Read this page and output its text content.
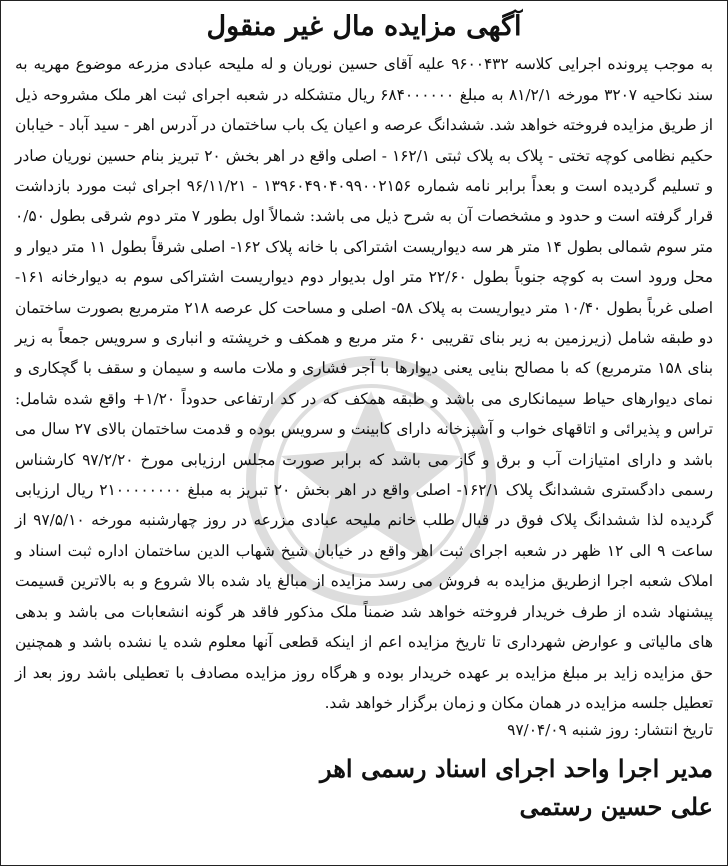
آگهی مزایده مال غیر منقول

به موجب پرونده اجرایی کلاسه ۹۶۰۰۴۳۲ علیه آقای حسین نوریان و له ملیحه عبادی مزرعه موضوع مهریه به سند نکاحیه ۳۲۰۷ مورخه ۸۱/۲/۱ به مبلغ ۶۸۴۰۰۰۰۰۰ ریال متشکله در شعبه اجرای ثبت اهر ملک مشروحه ذیل از طریق مزایده فروخته خواهد شد. ششدانگ عرصه و اعیان یک باب ساختمان در آدرس اهر - سید آباد - خیابان حکیم نظامی کوچه تختی - پلاک به پلاک ثبتی ۱۶۲/۱ - اصلی واقع در اهر بخش ۲۰ تبریز بنام حسین نوریان صادر و تسلیم گردیده است و بعداً برابر نامه شماره ۱۳۹۶۰۴۹۰۴۰۹۹۰۰۲۱۵۶ - ۹۶/۱۱/۲۱ اجرای ثبت مورد بازداشت قرار گرفته است و حدود و مشخصات آن به شرح ذیل می باشد: شمالاً اول بطور ۷ متر دوم شرقی بطول ۰/۵۰ متر سوم شمالی بطول ۱۴ متر هر سه دیواریست اشتراکی با خانه پلاک ۱۶۲- اصلی شرقاً بطول ۱۱ متر دیوار و محل ورود است به کوچه جنوباً بطول ۲۲/۶۰ متر اول بدیوار دوم دیواریست اشتراکی سوم به دیوارخانه ۱۶۱- اصلی غرباً بطول ۱۰/۴۰ متر دیواریست به پلاک ۵۸- اصلی و مساحت کل عرصه ۲۱۸ مترمربع بصورت ساختمان دو طبقه شامل (زیرزمین به زیر بنای تقریبی ۶۰ متر مربع و همکف و خرپشته و انباری و سرویس جمعاً به زیر بنای ۱۵۸ مترمربع) که با مصالح بنایی یعنی دیوارها با آجر فشاری و ملات ماسه و سیمان و سقف با گچکاری و نمای دیوارهای حیاط سیمانکاری می باشد و طبقه همکف که در کد ارتفاعی حدوداً ۱/۲۰+ واقع شده شامل: تراس و پذیرائی و اتاقهای خواب و آشپزخانه دارای کابینت و سرویس بوده و قدمت ساختمان بالای ۲۷ سال می باشد و دارای امتیازات آب و برق و گاز می باشد که برابر صورت مجلس ارزیابی مورخ ۹۷/۲/۲۰ کارشناس رسمی دادگستری ششدانگ پلاک ۱۶۲/۱- اصلی واقع در اهر بخش ۲۰ تبریز به مبلغ ۲۱۰۰۰۰۰۰۰۰ ریال ارزیابی گردیده لذا ششدانگ پلاک فوق در قبال طلب خانم ملیحه عبادی مزرعه در روز چهارشنبه مورخه ۹۷/۵/۱۰ از ساعت ۹ الی ۱۲ ظهر در شعبه اجرای ثبت اهر واقع در خیابان شیخ شهاب الدین ساختمان اداره ثبت اسناد و املاک شعبه اجرا ازطریق مزایده به فروش می رسد مزایده از مبالغ یاد شده بالا شروع و به بالاترین قسیمت پیشنهاد شده از طرف خریدار فروخته خواهد شد ضمناً ملک مذکور فاقد هر گونه انشعابات می باشد و بدهی های مالیاتی و عوارض شهرداری تا تاریخ مزایده اعم از اینکه قطعی آنها معلوم شده یا نشده باشد و همچنین حق مزایده زاید بر مبلغ مزایده بر عهده خریدار بوده و هرگاه روز مزایده مصادف با تعطیلی باشد روز بعد از تعطیل جلسه مزایده در همان مکان و زمان برگزار خواهد شد.

تاریخ انتشار: روز شنبه ۹۷/۰۴/۰۹
مدیر اجرا واحد اجرای اسناد رسمی اهر
علی حسین رستمی
